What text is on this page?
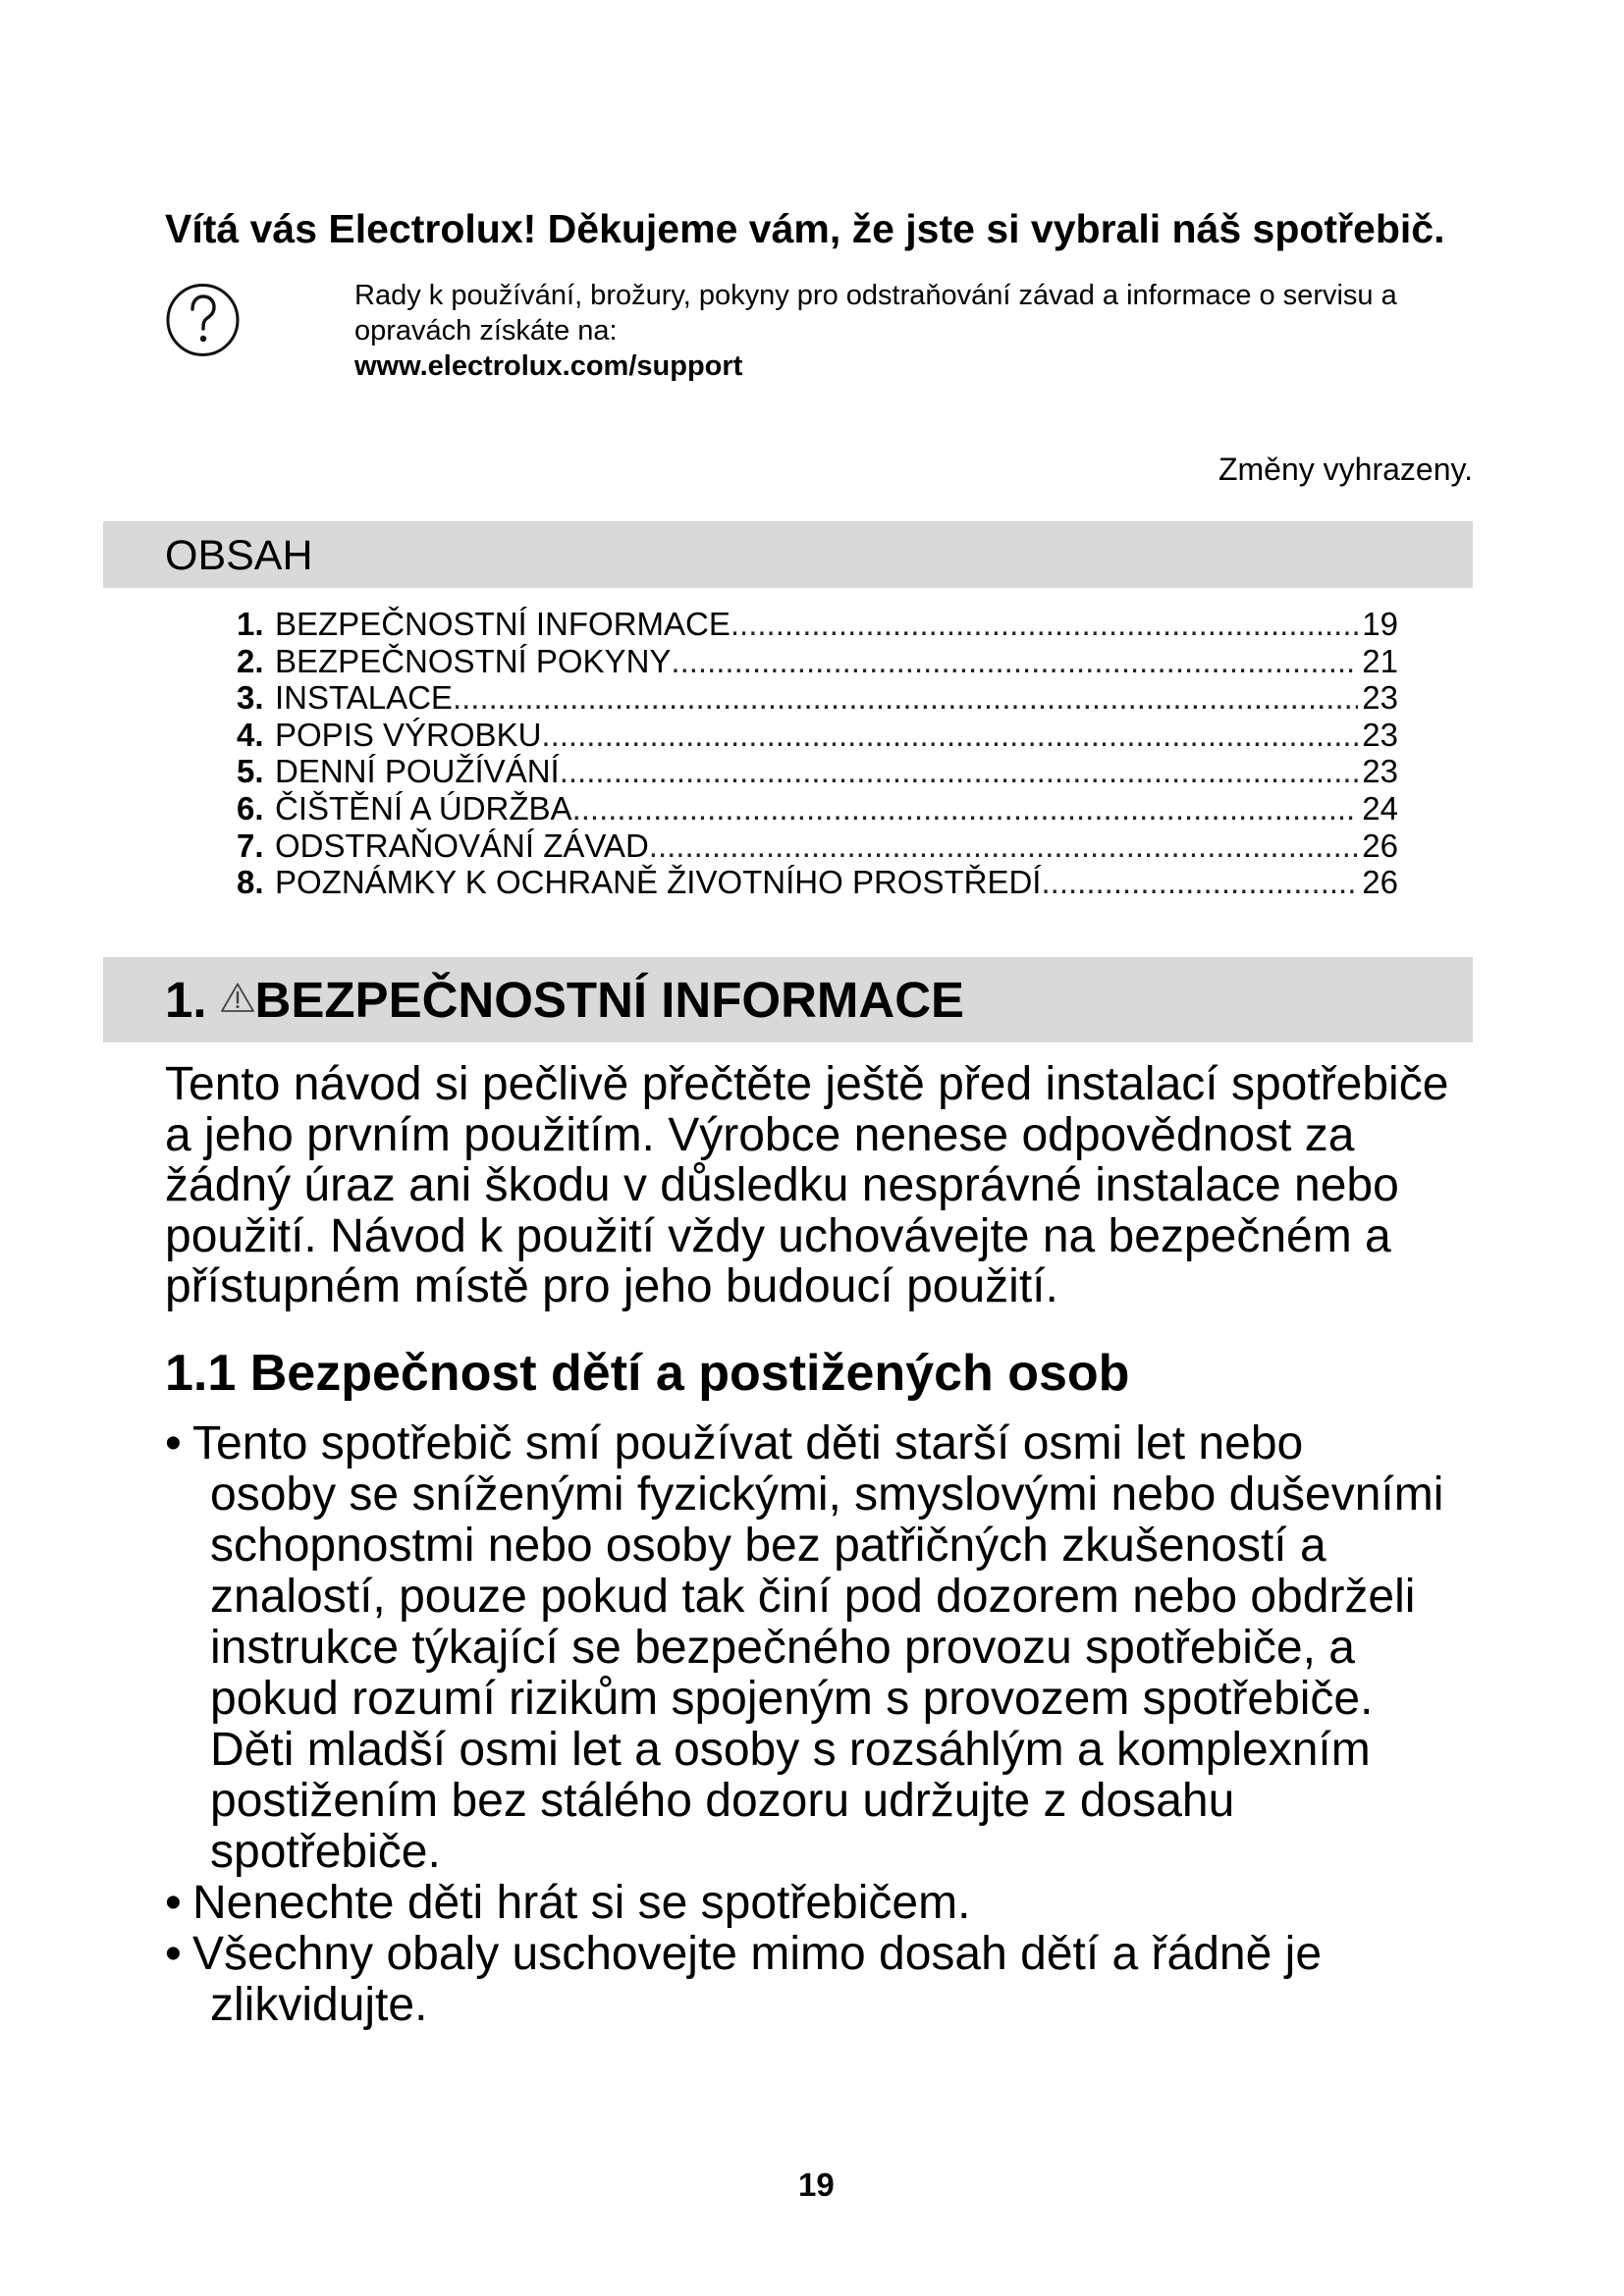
Vítá vás Electrolux! Děkujeme vám, že jste si vybrali náš spotřebič.
Rady k používání, brožury, pokyny pro odstraňování závad a informace o servisu a
opravách získáte na:
www.electrolux.com/support
Změny vyhrazeny.
OBSAH
1. BEZPEČNOSTNÍ INFORMACE .....	19
2. BEZPEČNOSTNÍ POKYNY .....	21
3. INSTALACE .....	23
4. POPIS VÝROBKU .....	23
5. DENNÍ POUŽÍVÁNÍ .....	23
6. ČIŠTĚNÍ A ÚDRŽBA .....	24
7. ODSTRAŇOVÁNÍ ZÁVAD .....	26
8. POZNÁMKY K OCHRANĚ ŽIVOTNÍHO PROSTŘEDÍ .....	26
1. BEZPEČNOSTNÍ INFORMACE
Tento návod si pečlivě přečtěte ještě před instalací spotřebiče
a jeho prvním použitím. Výrobce nenese odpovědnost za
žádný úraz ani škodu v důsledku nesprávné instalace nebo
použití. Návod k použití vždy uchovávejte na bezpečném a
přístupném místě pro jeho budoucí použití.
1.1 Bezpečnost dětí a postižených osob
• Tento spotřebič smí používat děti starší osmi let nebo
osoby se sníženými fyzickými, smyslovými nebo duševními
schopnostmi nebo osoby bez patřičných zkušeností a
znalostí, pouze pokud tak činí pod dozorem nebo obdrželi
instrukce týkající se bezpečného provozu spotřebiče, a
pokud rozumí rizikům spojeným s provozem spotřebiče.
Děti mladší osmi let a osoby s rozsáhlým a komplexním
postižením bez stálého dozoru udržujte z dosahu
spotřebiče.
• Nenechte děti hrát si se spotřebičem.
• Všechny obaly uschovejte mimo dosah dětí a řádně je
zlikvidujte.
19
